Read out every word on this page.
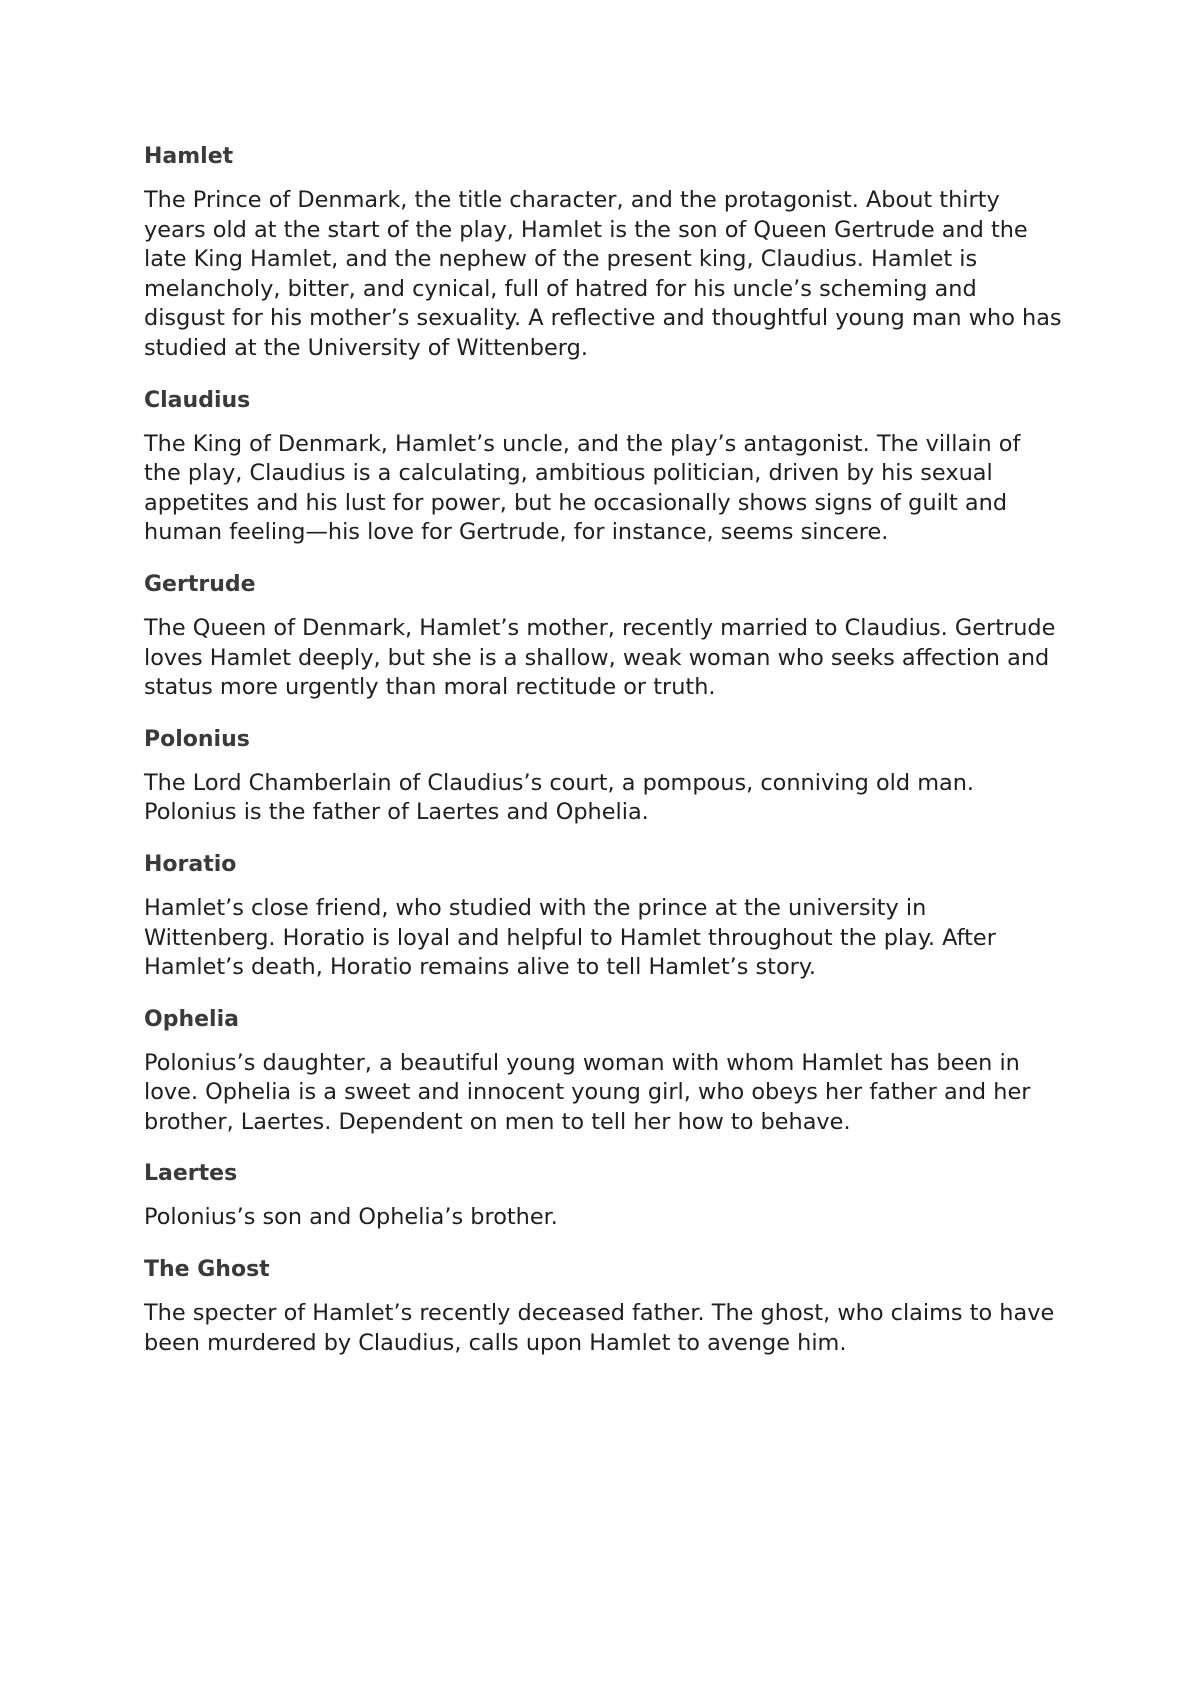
Hamlet

The Prince of Denmark, the title character, and the protagonist. About thirty years old at the start of the play, Hamlet is the son of Queen Gertrude and the late King Hamlet, and the nephew of the present king, Claudius. Hamlet is melancholy, bitter, and cynical, full of hatred for his uncle’s scheming and disgust for his mother’s sexuality. A reflective and thoughtful young man who has studied at the University of Wittenberg.

Claudius

The King of Denmark, Hamlet’s uncle, and the play’s antagonist. The villain of the play, Claudius is a calculating, ambitious politician, driven by his sexual appetites and his lust for power, but he occasionally shows signs of guilt and human feeling—his love for Gertrude, for instance, seems sincere.

Gertrude

The Queen of Denmark, Hamlet’s mother, recently married to Claudius. Gertrude loves Hamlet deeply, but she is a shallow, weak woman who seeks affection and status more urgently than moral rectitude or truth.

Polonius

The Lord Chamberlain of Claudius’s court, a pompous, conniving old man. Polonius is the father of Laertes and Ophelia.

Horatio

Hamlet’s close friend, who studied with the prince at the university in Wittenberg. Horatio is loyal and helpful to Hamlet throughout the play. After Hamlet’s death, Horatio remains alive to tell Hamlet’s story.

Ophelia

Polonius’s daughter, a beautiful young woman with whom Hamlet has been in love. Ophelia is a sweet and innocent young girl, who obeys her father and her brother, Laertes. Dependent on men to tell her how to behave.

Laertes

Polonius’s son and Ophelia’s brother.

The Ghost

The specter of Hamlet’s recently deceased father. The ghost, who claims to have been murdered by Claudius, calls upon Hamlet to avenge him.
